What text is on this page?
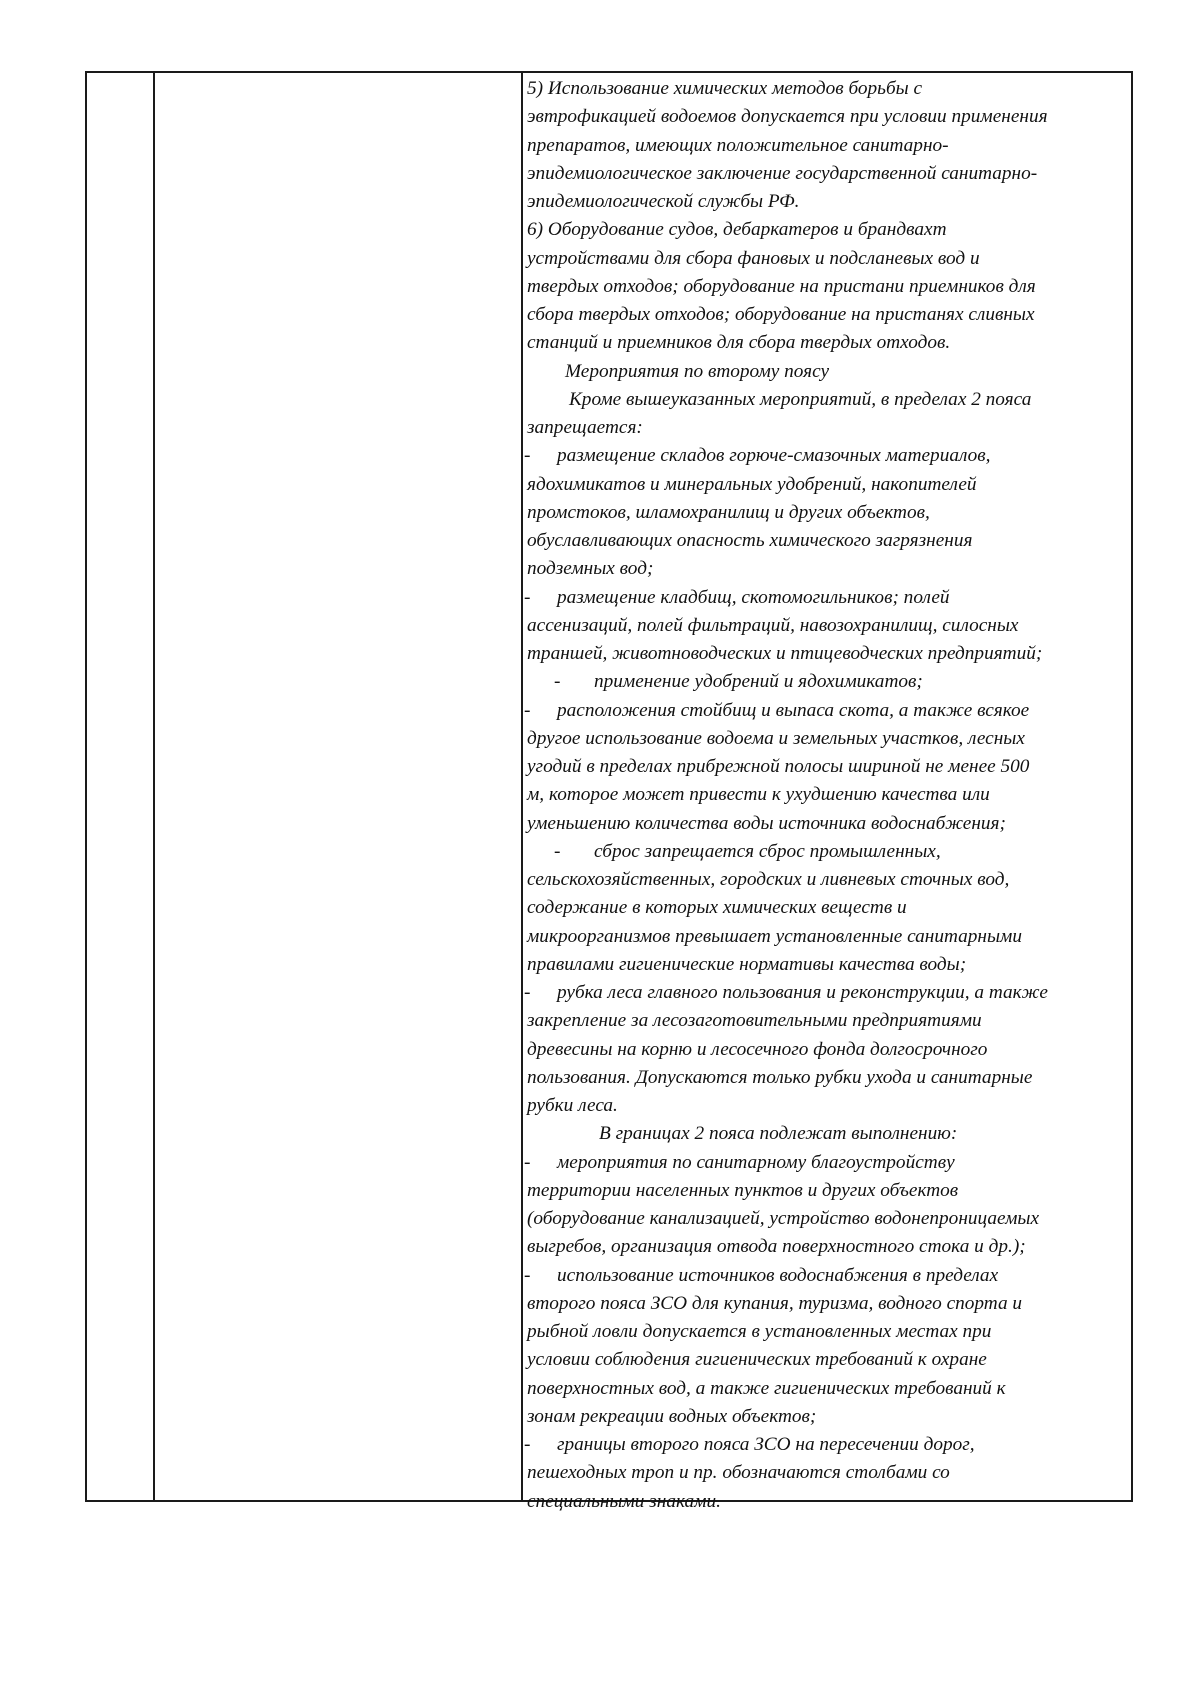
5) Использование химических методов борьбы с
эвтрофикацией водоемов допускается при условии применения
препаратов, имеющих положительное санитарно-
эпидемиологическое заключение государственной санитарно-
эпидемиологической службы РФ.
6) Оборудование судов, дебаркатеров и брандвахт
устройствами для сбора фановых и подсланевых вод и
твердых отходов; оборудование на пристани приемников для
сбора твердых отходов; оборудование на пристанях сливных
станций и приемников для сбора твердых отходов.
Мероприятия по второму поясу
Кроме вышеуказанных мероприятий, в пределах 2 пояса
запрещается:
- размещение складов горюче-смазочных материалов,
ядохимикатов и минеральных удобрений, накопителей
промстоков, шламохранилищ и других объектов,
обуславливающих опасность химического загрязнения
подземных вод;
- размещение кладбищ, скотомогильников; полей
ассенизаций, полей фильтраций, навозохранилищ, силосных
траншей, животноводческих и птицеводческих предприятий;
- применение удобрений и ядохимикатов;
- расположения стойбищ и выпаса скота, а также всякое
другое использование водоема и земельных участков, лесных
угодий в пределах прибрежной полосы шириной не менее 500
м, которое может привести к ухудшению качества или
уменьшению количества воды источника водоснабжения;
- сброс запрещается сброс промышленных,
сельскохозяйственных, городских и ливневых сточных вод,
содержание в которых химических веществ и
микроорганизмов превышает установленные санитарными
правилами гигиенические нормативы качества воды;
- рубка леса главного пользования и реконструкции, а также
закрепление за лесозаготовительными предприятиями
древесины на корню и лесосечного фонда долгосрочного
пользования. Допускаются только рубки ухода и санитарные
рубки леса.
В границах 2 пояса подлежат выполнению:
- мероприятия по санитарному благоустройству
территории населенных пунктов и других объектов
(оборудование канализацией, устройство водонепроницаемых
выгребов, организация отвода поверхностного стока и др.);
- использование источников водоснабжения в пределах
второго пояса ЗСО для купания, туризма, водного спорта и
рыбной ловли допускается в установленных местах при
условии соблюдения гигиенических требований к охране
поверхностных вод, а также гигиенических требований к
зонам рекреации водных объектов;
- границы второго пояса ЗСО на пересечении дорог,
пешеходных троп и пр. обозначаются столбами со
специальными знаками.
